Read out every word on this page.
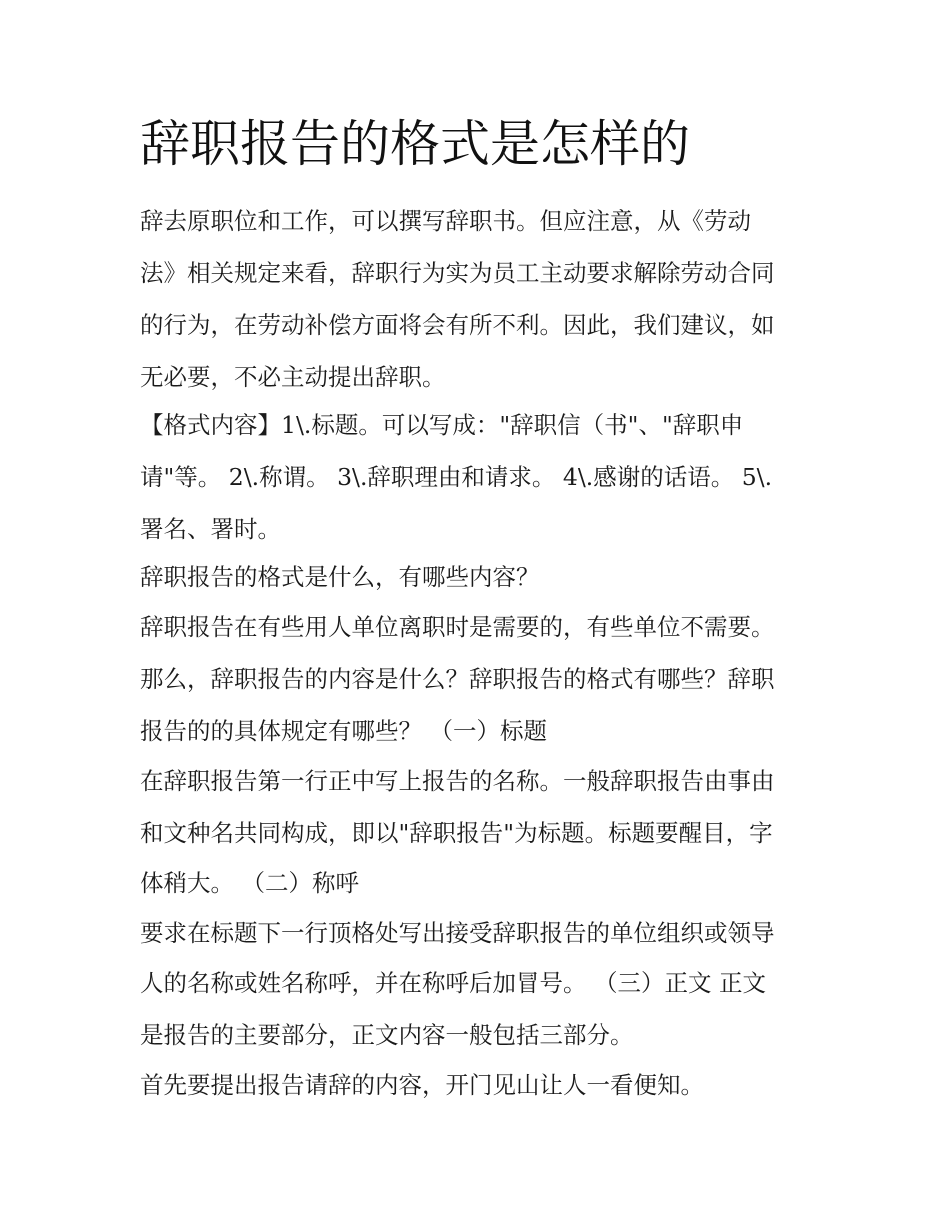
辞职报告的格式是怎样的

辞去原职位和工作，可以撰写辞职书。但应注意，从《劳动

法》相关规定来看，辞职行为实为员工主动要求解除劳动合同

的行为，在劳动补偿方面将会有所不利。因此，我们建议，如

无必要，不必主动提出辞职。

【格式内容】1\.标题。可以写成："辞职信（书"、"辞职申

请"等。 2\.称谓。 3\.辞职理由和请求。 4\.感谢的话语。 5\.

署名、署时。

辞职报告的格式是什么，有哪些内容？

辞职报告在有些用人单位离职时是需要的，有些单位不需要。

那么，辞职报告的内容是什么？辞职报告的格式有哪些？辞职

报告的的具体规定有哪些？ （一）标题

在辞职报告第一行正中写上报告的名称。一般辞职报告由事由

和文种名共同构成，即以"辞职报告"为标题。标题要醒目，字

体稍大。 （二）称呼

要求在标题下一行顶格处写出接受辞职报告的单位组织或领导

人的名称或姓名称呼，并在称呼后加冒号。 （三）正文 正文

是报告的主要部分，正文内容一般包括三部分。

首先要提出报告请辞的内容，开门见山让人一看便知。
